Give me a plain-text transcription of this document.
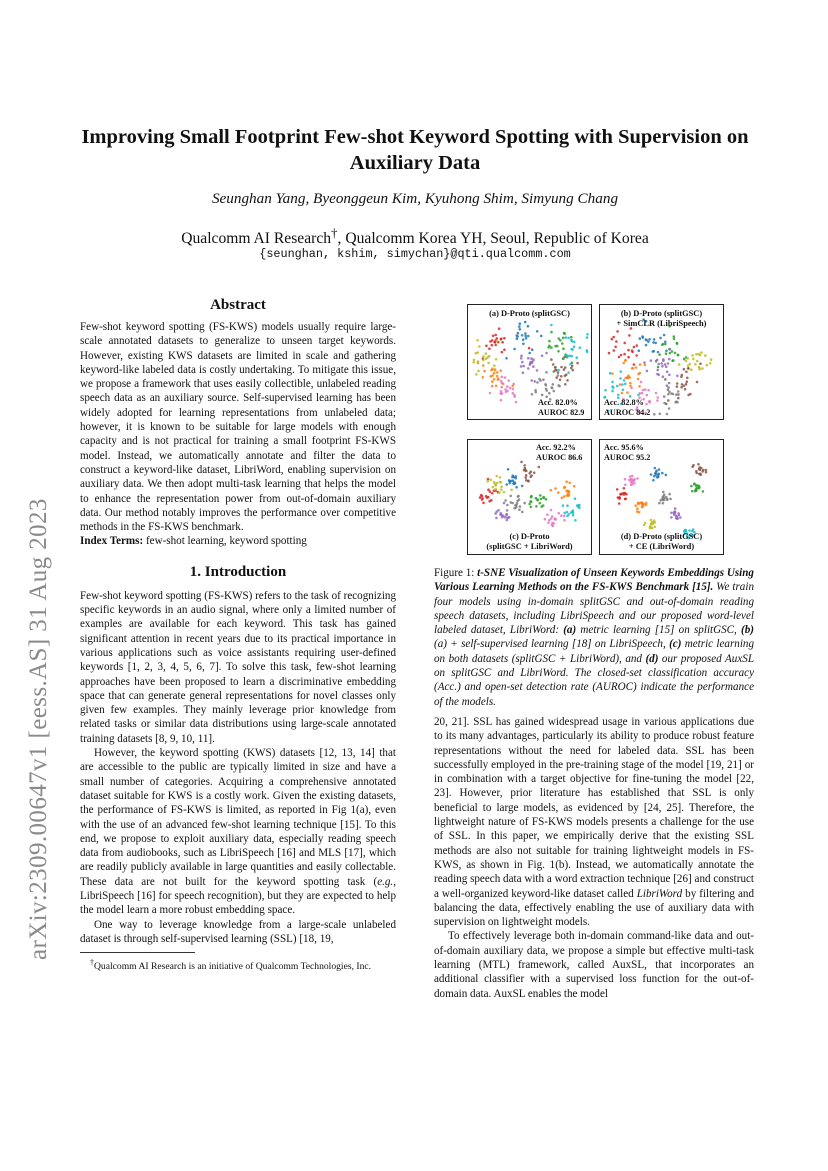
arXiv:2309.00647v1 [eess.AS] 31 Aug 2023
Improving Small Footprint Few-shot Keyword Spotting with Supervision on Auxiliary Data
Seunghan Yang, Byeonggeun Kim, Kyuhong Shim, Simyung Chang
Qualcomm AI Research†, Qualcomm Korea YH, Seoul, Republic of Korea
{seunghan, kshim, simychan}@qti.qualcomm.com
Abstract

Few-shot keyword spotting (FS-KWS) models usually require large-scale annotated datasets to generalize to unseen target keywords. However, existing KWS datasets are limited in scale and gathering keyword-like labeled data is costly undertaking. To mitigate this issue, we propose a framework that uses easily collectible, unlabeled reading speech data as an auxiliary source. Self-supervised learning has been widely adopted for learning representations from unlabeled data; however, it is known to be suitable for large models with enough capacity and is not practical for training a small footprint FS-KWS model. Instead, we automatically annotate and filter the data to construct a keyword-like dataset, LibriWord, enabling supervision on auxiliary data. We then adopt multi-task learning that helps the model to enhance the representation power from out-of-domain auxiliary data. Our method notably improves the performance over competitive methods in the FS-KWS benchmark.

Index Terms: few-shot learning, keyword spotting

1. Introduction

Few-shot keyword spotting (FS-KWS) refers to the task of recognizing specific keywords in an audio signal, where only a limited number of examples are available for each keyword. This task has gained significant attention in recent years due to its practical importance in various applications such as voice assistants requiring user-defined keywords [1, 2, 3, 4, 5, 6, 7]. To solve this task, few-shot learning approaches have been proposed to learn a discriminative embedding space that can generate general representations for novel classes only given few examples. They mainly leverage prior knowledge from related tasks or similar data distributions using large-scale annotated training datasets [8, 9, 10, 11].

However, the keyword spotting (KWS) datasets [12, 13, 14] that are accessible to the public are typically limited in size and have a small number of categories. Acquiring a comprehensive annotated dataset suitable for KWS is a costly work. Given the existing datasets, the performance of FS-KWS is limited, as reported in Fig 1(a), even with the use of an advanced few-shot learning technique [15]. To this end, we propose to exploit auxiliary data, especially reading speech data from audiobooks, such as LibriSpeech [16] and MLS [17], which are readily publicly available in large quantities and easily collectable. These data are not built for the keyword spotting task (e.g., LibriSpeech [16] for speech recognition), but they are expected to help the model learn a more robust embedding space.

One way to leverage knowledge from a large-scale unlabeled dataset is through self-supervised learning (SSL) [18, 19,

†Qualcomm AI Research is an initiative of Qualcomm Technologies, Inc.
(a) D-Proto (splitGSC)
Acc. 82.0%
AUROC 82.9
(b) D-Proto (splitGSC)
+ SimCLR (LibriSpeech)
Acc. 82.8%
AUROC 84.2
Acc. 92.2%
AUROC 86.6
(c) D-Proto
(splitGSC + LibriWord)
Acc. 95.6%
AUROC 95.2
(d) D-Proto (splitGSC)
+ CE (LibriWord)

Figure 1: t-SNE Visualization of Unseen Keywords Embeddings Using Various Learning Methods on the FS-KWS Benchmark [15]. We train four models using in-domain splitGSC and out-of-domain reading speech datasets, including LibriSpeech and our proposed word-level labeled dataset, LibriWord: (a) metric learning [15] on splitGSC, (b) (a) + self-supervised learning [18] on LibriSpeech, (c) metric learning on both datasets (splitGSC + LibriWord), and (d) our proposed AuxSL on splitGSC and LibriWord. The closed-set classification accuracy (Acc.) and open-set detection rate (AUROC) indicate the performance of the models.

20, 21]. SSL has gained widespread usage in various applications due to its many advantages, particularly its ability to produce robust feature representations without the need for labeled data. SSL has been successfully employed in the pre-training stage of the model [19, 21] or in combination with a target objective for fine-tuning the model [22, 23]. However, prior literature has established that SSL is only beneficial to large models, as evidenced by [24, 25]. Therefore, the lightweight nature of FS-KWS models presents a challenge for the use of SSL. In this paper, we empirically derive that the existing SSL methods are also not suitable for training lightweight models in FS-KWS, as shown in Fig. 1(b). Instead, we automatically annotate the reading speech data with a word extraction technique [26] and construct a well-organized keyword-like dataset called LibriWord by filtering and balancing the data, effectively enabling the use of auxiliary data with supervision on lightweight models.

To effectively leverage both in-domain command-like data and out-of-domain auxiliary data, we propose a simple but effective multi-task learning (MTL) framework, called AuxSL, that incorporates an additional classifier with a supervised loss function for the out-of-domain data. AuxSL enables the model
